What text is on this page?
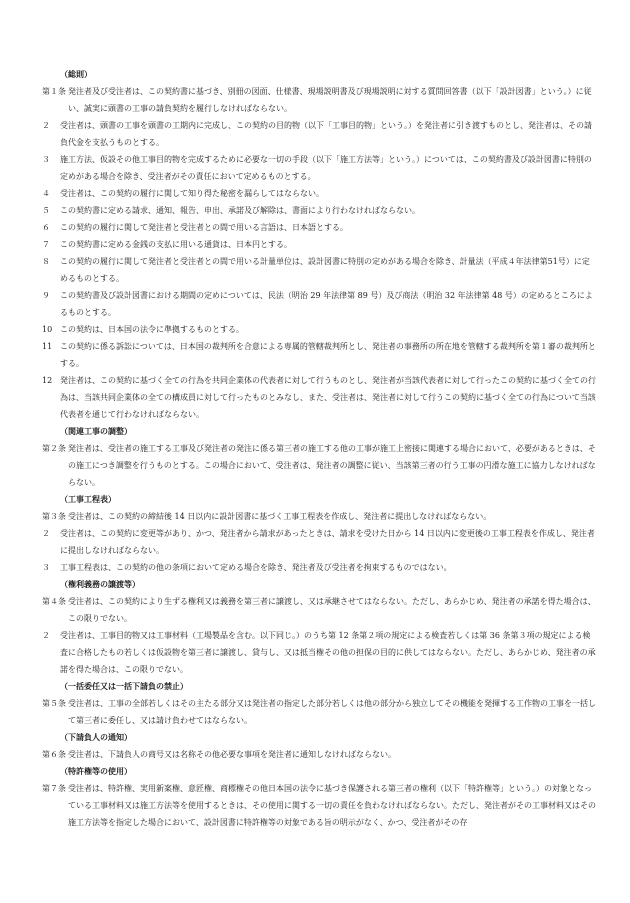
（総則）
第１条 発注者及び受注者は、この契約書に基づき、別冊の図面、仕様書、現場説明書及び現場説明に対する質問回答書（以下「設計図書」という。）に従い、誠実に頭書の工事の請負契約を履行しなければならない。
２	受注者は、頭書の工事を頭書の工期内に完成し、この契約の目的物（以下「工事目的物」という。）を発注者に引き渡すものとし、発注者は、その請負代金を支払うものとする。
３	施工方法、仮設その他工事目的物を完成するために必要な一切の手段（以下「施工方法等」という。）については、この契約書及び設計図書に特別の定めがある場合を除き、受注者がその責任において定めるものとする。
４	受注者は、この契約の履行に関して知り得た秘密を漏らしてはならない。
５	この契約書に定める請求、通知、報告、申出、承諾及び解除は、書面により行わなければならない。
６	この契約の履行に関して発注者と受注者との間で用いる言語は、日本語とする。
７	この契約書に定める金銭の支払に用いる通貨は、日本円とする。
８	この契約の履行に関して発注者と受注者との間で用いる計量単位は、設計図書に特別の定めがある場合を除き、計量法（平成４年法律第51号）に定めるものとする。
９	この契約書及び設計図書における期間の定めについては、民法（明治 29 年法律第 89 号）及び商法（明治 32 年法律第 48 号）の定めるところによるものとする。
10 この契約は、日本国の法令に準拠するものとする。
11 この契約に係る訴訟については、日本国の裁判所を合意による専属的管轄裁判所とし、発注者の事務所の所在地を管轄する裁判所を第１審の裁判所とする。
12 発注者は、この契約に基づく全ての行為を共同企業体の代表者に対して行うものとし、発注者が当該代表者に対して行ったこの契約に基づく全ての行為は、当該共同企業体の全ての構成員に対して行ったものとみなし、また、受注者は、発注者に対して行うこの契約に基づく全ての行為について当該代表者を通じて行わなければならない。
（関連工事の調整）
第２条 発注者は、受注者の施工する工事及び発注者の発注に係る第三者の施工する他の工事が施工上密接に関連する場合において、必要があるときは、その施工につき調整を行うものとする。この場合において、受注者は、発注者の調整に従い、当該第三者の行う工事の円滑な施工に協力しなければならない。
（工事工程表）
第３条 受注者は、この契約の締結後 14 日以内に設計図書に基づく工事工程表を作成し、発注者に提出しなければならない。
２	受注者は、この契約に変更等があり、かつ、発注者から請求があったときは、請求を受けた日から 14 日以内に変更後の工事工程表を作成し、発注者に提出しなければならない。
３	工事工程表は、この契約の他の条項において定める場合を除き、発注者及び受注者を拘束するものではない。
（権利義務の譲渡等）
第４条 受注者は、この契約により生ずる権利又は義務を第三者に譲渡し、又は承継させてはならない。ただし、あらかじめ、発注者の承諾を得た場合は、この限りでない。
２	受注者は、工事目的物又は工事材料（工場製品を含む。以下同じ。）のうち第 12 条第２項の規定による検査若しくは第 36 条第３項の規定による検査に合格したもの若しくは仮設物を第三者に譲渡し、貸与し、又は抵当権その他の担保の目的に供してはならない。ただし、あらかじめ、発注者の承諾を得た場合は、この限りでない。
（一括委任又は一括下請負の禁止）
第５条 受注者は、工事の全部若しくはその主たる部分又は発注者の指定した部分若しくは他の部分から独立してその機能を発揮する工作物の工事を一括して第三者に委任し、又は請け負わせてはならない。
（下請負人の通知）
第６条 受注者は、下請負人の商号又は名称その他必要な事項を発注者に通知しなければならない。
（特許権等の使用）
第７条 受注者は、特許権、実用新案権、意匠権、商標権その他日本国の法令に基づき保護される第三者の権利（以下「特許権等」という。）の対象となっている工事材料又は施工方法等を使用するときは、その使用に関する一切の責任を負わなければならない。ただし、発注者がその工事材料又はその施工方法等を指定した場合において、設計図書に特許権等の対象である旨の明示がなく、かつ、受注者がその存
